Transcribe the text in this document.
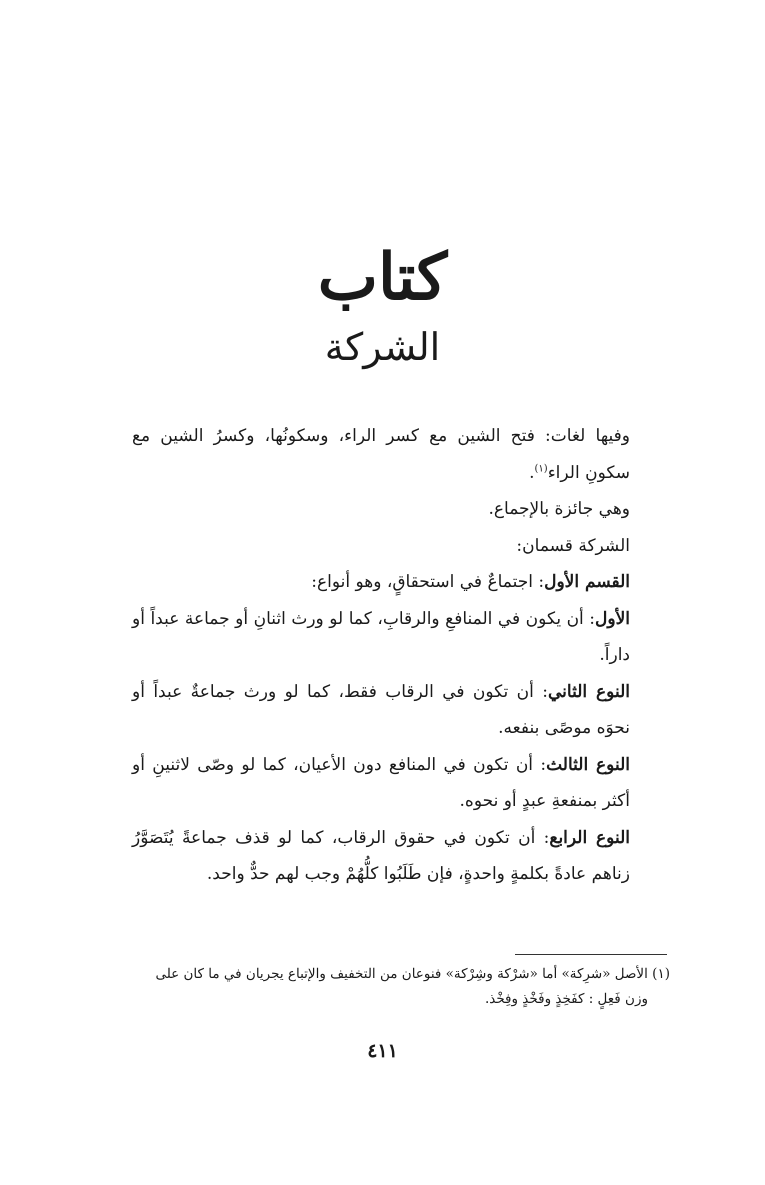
كتاب
الشركة

وفيها لغات: فتح الشين مع كسر الراء، وسكونُها، وكسرُ الشين مع سكونِ الراء$^{(١)}$.

وهي جائزة بالإجماع.

الشركة قسمان:

القسم الأول: اجتماعٌ في استحقاقٍ، وهو أنواع:

الأول: أن يكون في المنافعِ والرقابِ، كما لو ورث اثنانِ أو جماعة عبداً أو داراً.

النوع الثاني: أن تكون في الرقاب فقط، كما لو ورث جماعةٌ عبداً أو نحوَه موصًى بنفعه.

النوع الثالث: أن تكون في المنافع دون الأعيان، كما لو وصّى لاثنينِ أو أكثر بمنفعةِ عبدٍ أو نحوه.

النوع الرابع: أن تكون في حقوق الرقاب، كما لو قذف جماعةً يُتَصَوَّرُ زناهم عادةً بكلمةٍ واحدةٍ، فإن طَلَبُوا كلُّهُمْ وجب لهم حدٌّ واحد.

(١) الأصل «شرِكة» أما «شرْكة وشِرْكة» فنوعان من التخفيف والإتباع يجريان في ما كان على

وزن فَعِلٍ : كفَخِذٍ وفَخْذٍ وفِخْذ.

٤١١
